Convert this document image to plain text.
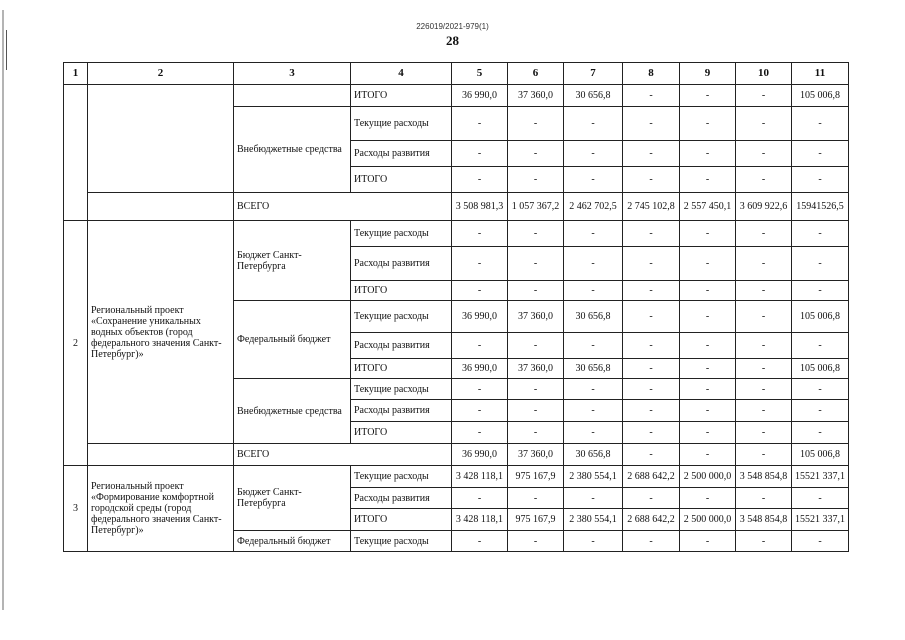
226019/2021-979(1)
28
1	2	3	4	5	6	7	8	9	10	11
			ИТОГО	36 990,0	37 360,0	30 656,8	-	-	-	105 006,8
		Внебюджетные средства	Текущие расходы	-	-	-	-	-	-	-
			Расходы развития	-	-	-	-	-	-	-
			ИТОГО	-	-	-	-	-	-	-
		ВСЕГО		3 508 981,3	1 057 367,2	2 462 702,5	2 745 102,8	2 557 450,1	3 609 922,6	15941526,5
2	Региональный проект «Сохранение уникальных водных объектов (город федерального значения Санкт-Петербург)»	Бюджет Санкт-Петербурга	Текущие расходы	-	-	-	-	-	-	-
			Расходы развития	-	-	-	-	-	-	-
			ИТОГО	-	-	-	-	-	-	-
		Федеральный бюджет	Текущие расходы	36 990,0	37 360,0	30 656,8	-	-	-	105 006,8
			Расходы развития	-	-	-	-	-	-	-
			ИТОГО	36 990,0	37 360,0	30 656,8	-	-	-	105 006,8
		Внебюджетные средства	Текущие расходы	-	-	-	-	-	-	-
			Расходы развития	-	-	-	-	-	-	-
			ИТОГО	-	-	-	-	-	-	-
		ВСЕГО		36 990,0	37 360,0	30 656,8	-	-	-	105 006,8
3	Региональный проект «Формирование комфортной городской среды (город федерального значения Санкт-Петербург)»	Бюджет Санкт-Петербурга	Текущие расходы	3 428 118,1	975 167,9	2 380 554,1	2 688 642,2	2 500 000,0	3 548 854,8	15521 337,1
			Расходы развития	-	-	-	-	-	-	-
			ИТОГО	3 428 118,1	975 167,9	2 380 554,1	2 688 642,2	2 500 000,0	3 548 854,8	15521 337,1
		Федеральный бюджет	Текущие расходы	-	-	-	-	-	-	-
